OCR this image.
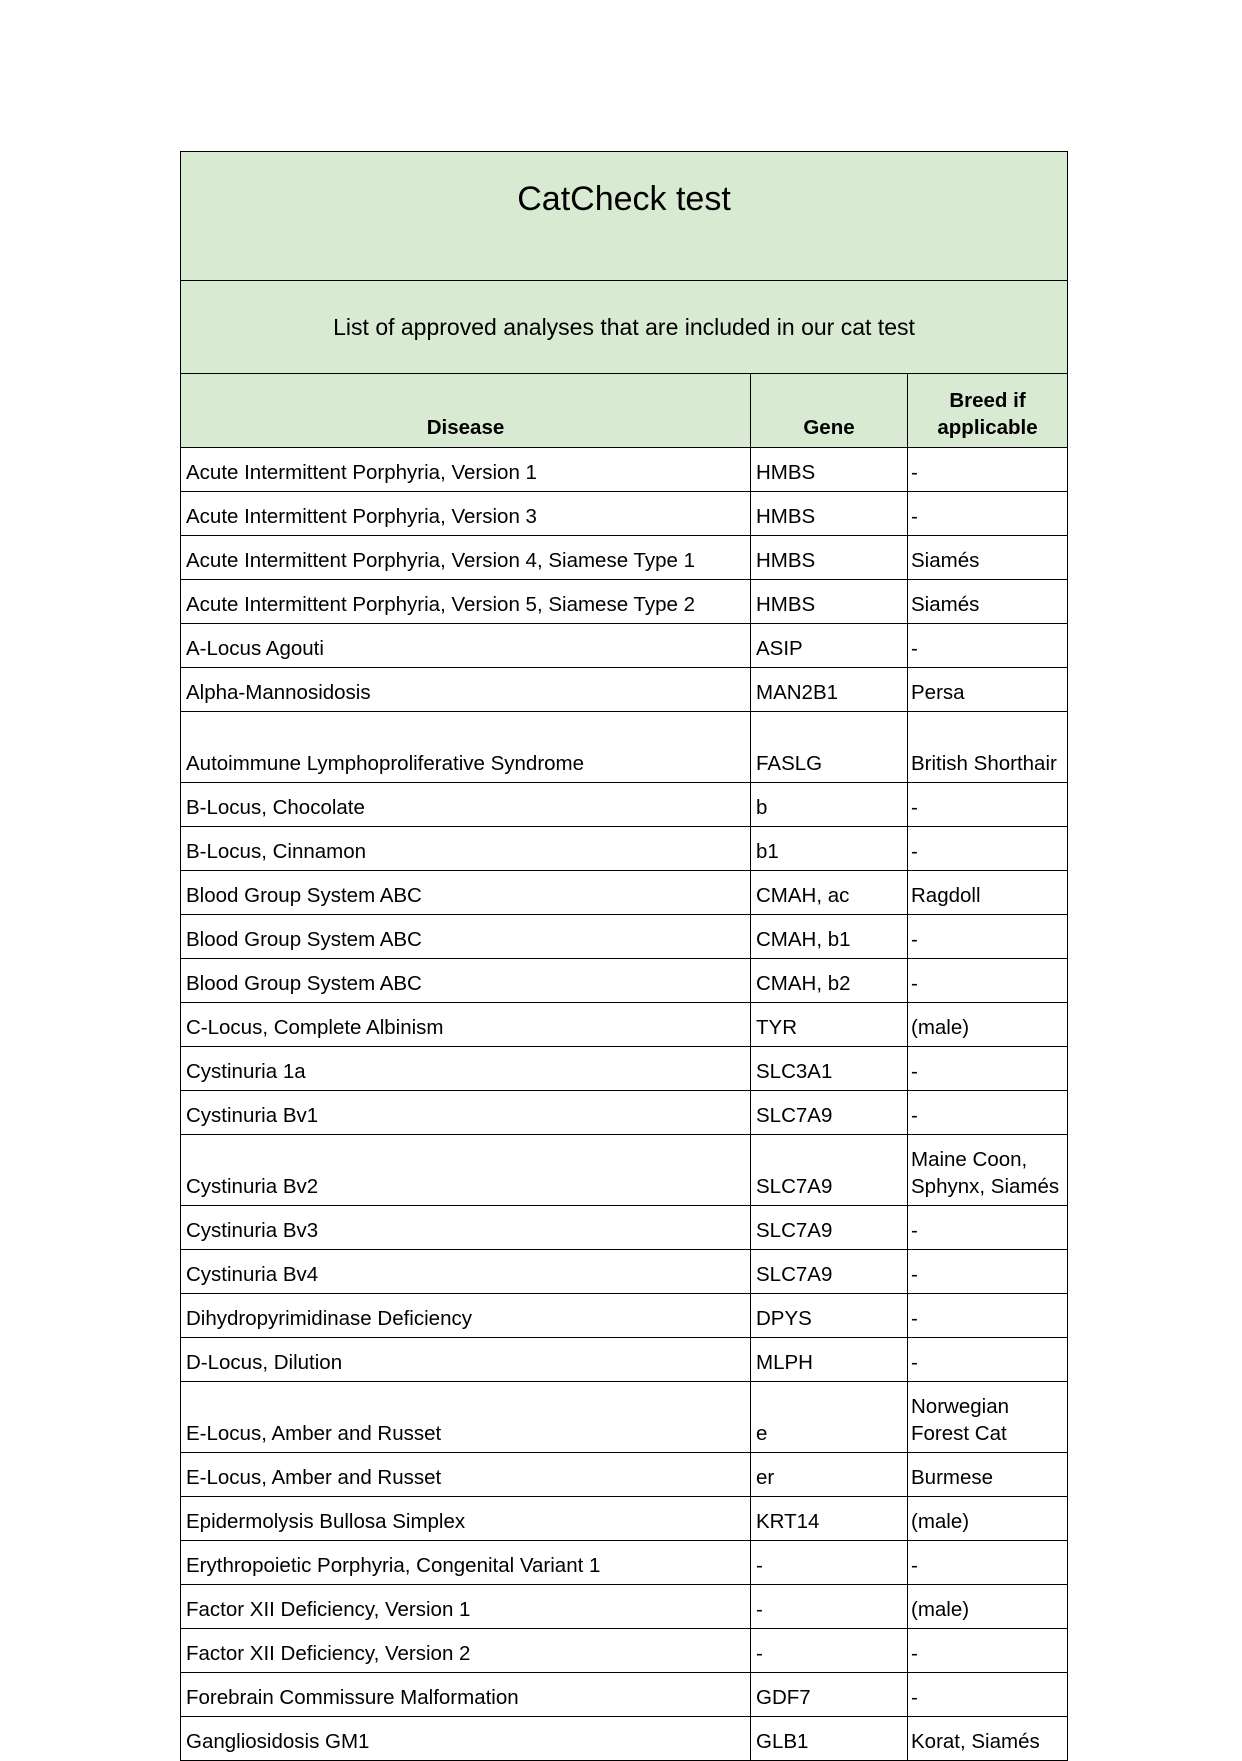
CatCheck test		
List of approved analyses that are included in our cat test		
Disease	Gene	Breed if applicable
Acute Intermittent Porphyria, Version 1	HMBS	-
Acute Intermittent Porphyria, Version 3	HMBS	-
Acute Intermittent Porphyria, Version 4, Siamese Type 1	HMBS	Siamés
Acute Intermittent Porphyria, Version 5, Siamese Type 2	HMBS	Siamés
A-Locus Agouti	ASIP	-
Alpha-Mannosidosis	MAN2B1	Persa
Autoimmune Lymphoproliferative Syndrome	FASLG	British Shorthair
B-Locus, Chocolate	b	-
B-Locus, Cinnamon	b1	-
Blood Group System ABC	CMAH, ac	Ragdoll
Blood Group System ABC	CMAH, b1	-
Blood Group System ABC	CMAH, b2	-
C-Locus, Complete Albinism	TYR	(male)
Cystinuria 1a	SLC3A1	-
Cystinuria Bv1	SLC7A9	-
Cystinuria Bv2	SLC7A9	Maine Coon, Sphynx, Siamés
Cystinuria Bv3	SLC7A9	-
Cystinuria Bv4	SLC7A9	-
Dihydropyrimidinase Deficiency	DPYS	-
D-Locus, Dilution	MLPH	-
E-Locus, Amber and Russet	e	Norwegian Forest Cat
E-Locus, Amber and Russet	er	Burmese
Epidermolysis Bullosa Simplex	KRT14	(male)
Erythropoietic Porphyria, Congenital Variant 1	-	-
Factor XII Deficiency, Version 1	-	(male)
Factor XII Deficiency, Version 2	-	-
Forebrain Commissure Malformation	GDF7	-
Gangliosidosis GM1	GLB1	Korat, Siamés
